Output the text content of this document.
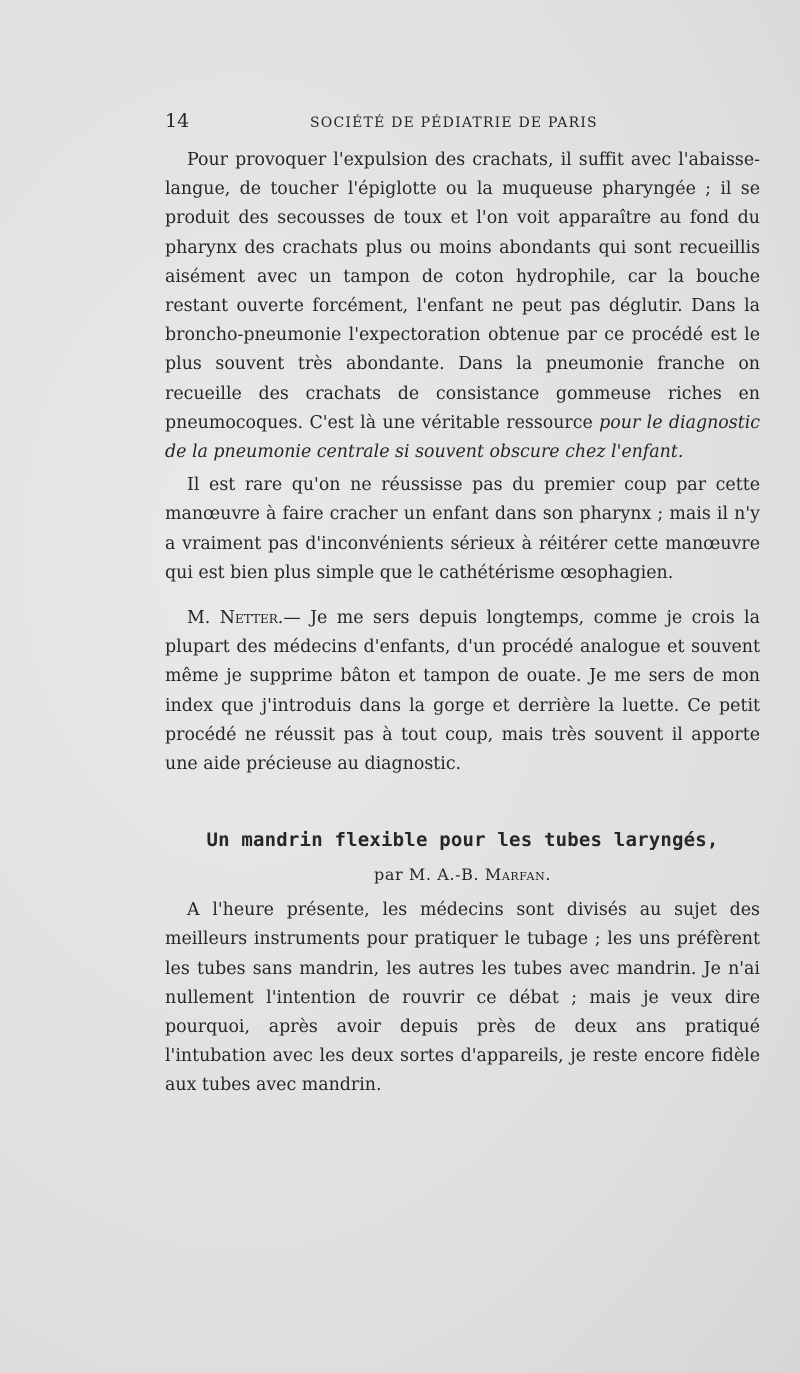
14	SOCIÉTÉ DE PÉDIATRIE DE PARIS

Pour provoquer l'expulsion des crachats, il suffit avec l'abaisse-langue, de toucher l'épiglotte ou la muqueuse pharyngée ; il se produit des secousses de toux et l'on voit apparaître au fond du pharynx des crachats plus ou moins abondants qui sont recueillis aisément avec un tampon de coton hydrophile, car la bouche restant ouverte forcément, l'enfant ne peut pas déglutir. Dans la broncho-pneumonie l'expectoration obtenue par ce procédé est le plus souvent très abondante. Dans la pneumonie franche on recueille des crachats de consistance gommeuse riches en pneumocoques. C'est là une véritable ressource pour le diagnostic de la pneumonie centrale si souvent obscure chez l'enfant.

Il est rare qu'on ne réussisse pas du premier coup par cette manœuvre à faire cracher un enfant dans son pharynx ; mais il n'y a vraiment pas d'inconvénients sérieux à réitérer cette manœuvre qui est bien plus simple que le cathétérisme œsophagien.

M. Netter.— Je me sers depuis longtemps, comme je crois la plupart des médecins d'enfants, d'un procédé analogue et souvent même je supprime bâton et tampon de ouate. Je me sers de mon index que j'introduis dans la gorge et derrière la luette. Ce petit procédé ne réussit pas à tout coup, mais très souvent il apporte une aide précieuse au diagnostic.

Un mandrin flexible pour les tubes laryngés,
par M. A.-B. Marfan.

A l'heure présente, les médecins sont divisés au sujet des meilleurs instruments pour pratiquer le tubage ; les uns préfèrent les tubes sans mandrin, les autres les tubes avec mandrin. Je n'ai nullement l'intention de rouvrir ce débat ; mais je veux dire pourquoi, après avoir depuis près de deux ans pratiqué l'intubation avec les deux sortes d'appareils, je reste encore fidèle aux tubes avec mandrin.
